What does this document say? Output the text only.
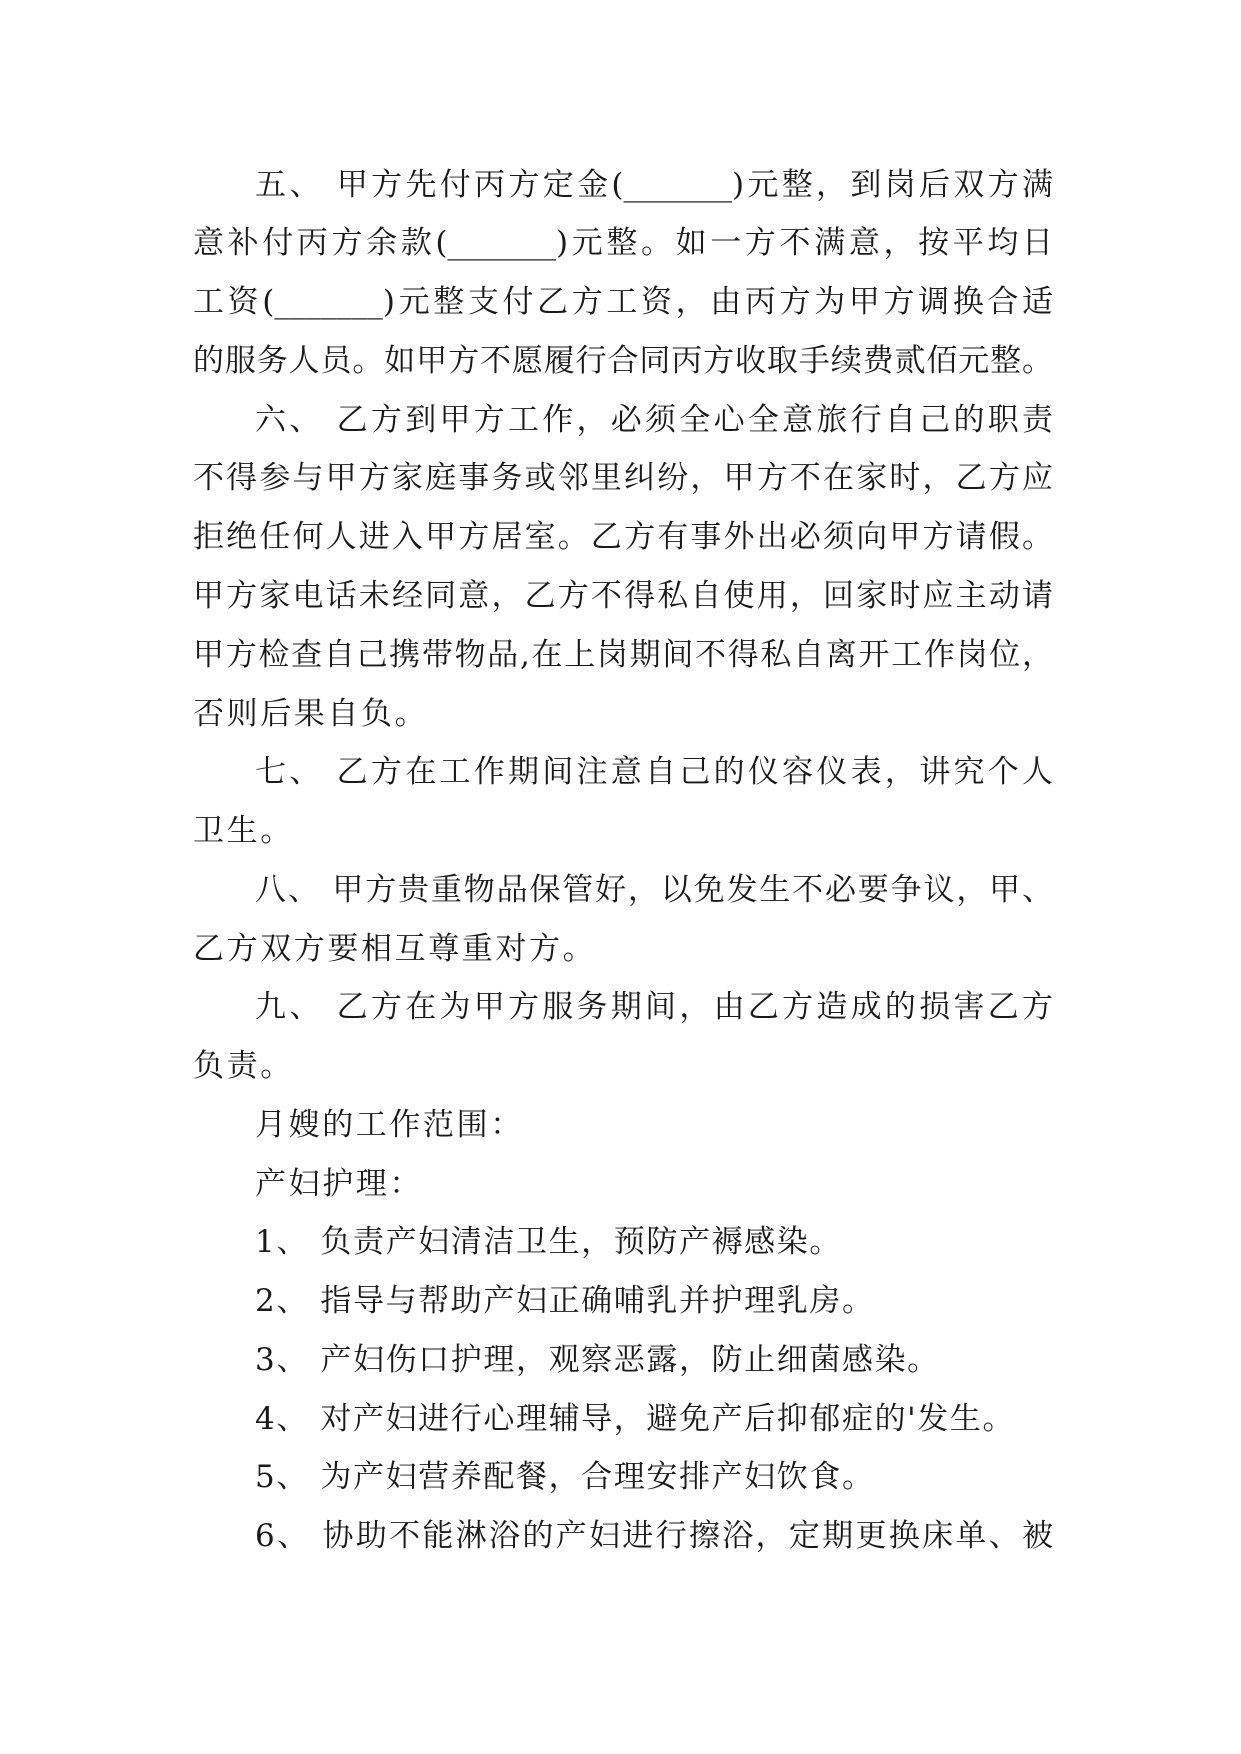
五、 甲方先付丙方定金(_______)元整，到岗后双方满
意补付丙方余款(_______)元整。如一方不满意，按平均日
工资(_______)元整支付乙方工资，由丙方为甲方调换合适
的服务人员。如甲方不愿履行合同丙方收取手续费贰佰元整。
六、 乙方到甲方工作，必须全心全意旅行自己的职责
不得参与甲方家庭事务或邻里纠纷，甲方不在家时，乙方应
拒绝任何人进入甲方居室。乙方有事外出必须向甲方请假。
甲方家电话未经同意，乙方不得私自使用，回家时应主动请
甲方检查自己携带物品,在上岗期间不得私自离开工作岗位，
否则后果自负。
七、 乙方在工作期间注意自己的仪容仪表，讲究个人
卫生。
八、 甲方贵重物品保管好，以免发生不必要争议，甲、
乙方双方要相互尊重对方。
九、 乙方在为甲方服务期间，由乙方造成的损害乙方
负责。
月嫂的工作范围：
产妇护理：
1、 负责产妇清洁卫生，预防产褥感染。
2、 指导与帮助产妇正确哺乳并护理乳房。
3、 产妇伤口护理，观察恶露，防止细菌感染。
4、 对产妇进行心理辅导，避免产后抑郁症的'发生。
5、 为产妇营养配餐，合理安排产妇饮食。
6、 协助不能淋浴的产妇进行擦浴，定期更换床单、被
